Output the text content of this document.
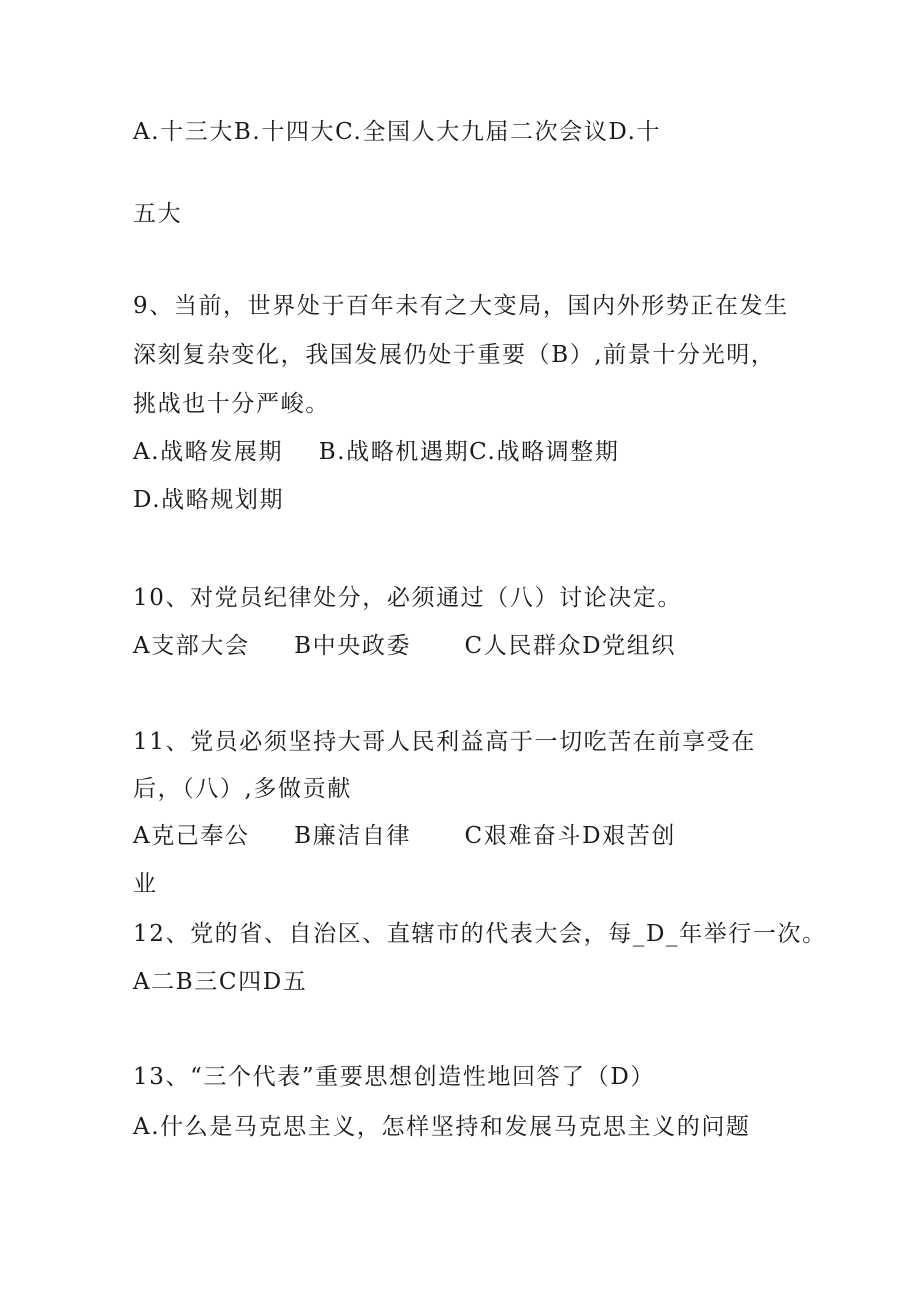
A.十三大B.十四大C.全国人大九届二次会议D.十
五大
9、当前，世界处于百年未有之大变局，国内外形势正在发生
深刻复杂变化，我国发展仍处于重要（B）,前景十分光明，
挑战也十分严峻。
A.战略发展期    B.战略机遇期C.战略调整期
D.战略规划期
10、对党员纪律处分，必须通过（八）讨论决定。
A支部大会     B中央政委      C人民群众D党组织
11、党员必须坚持大哥人民利益高于一切吃苦在前享受在
后，（八）,多做贡献
A克己奉公     B廉洁自律      C艰难奋斗D艰苦创
业
12、党的省、自治区、直辖市的代表大会，每_D_年举行一次。
A二B三C四D五
13、“三个代表”重要思想创造性地回答了（D）
A.什么是马克思主义，怎样坚持和发展马克思主义的问题
